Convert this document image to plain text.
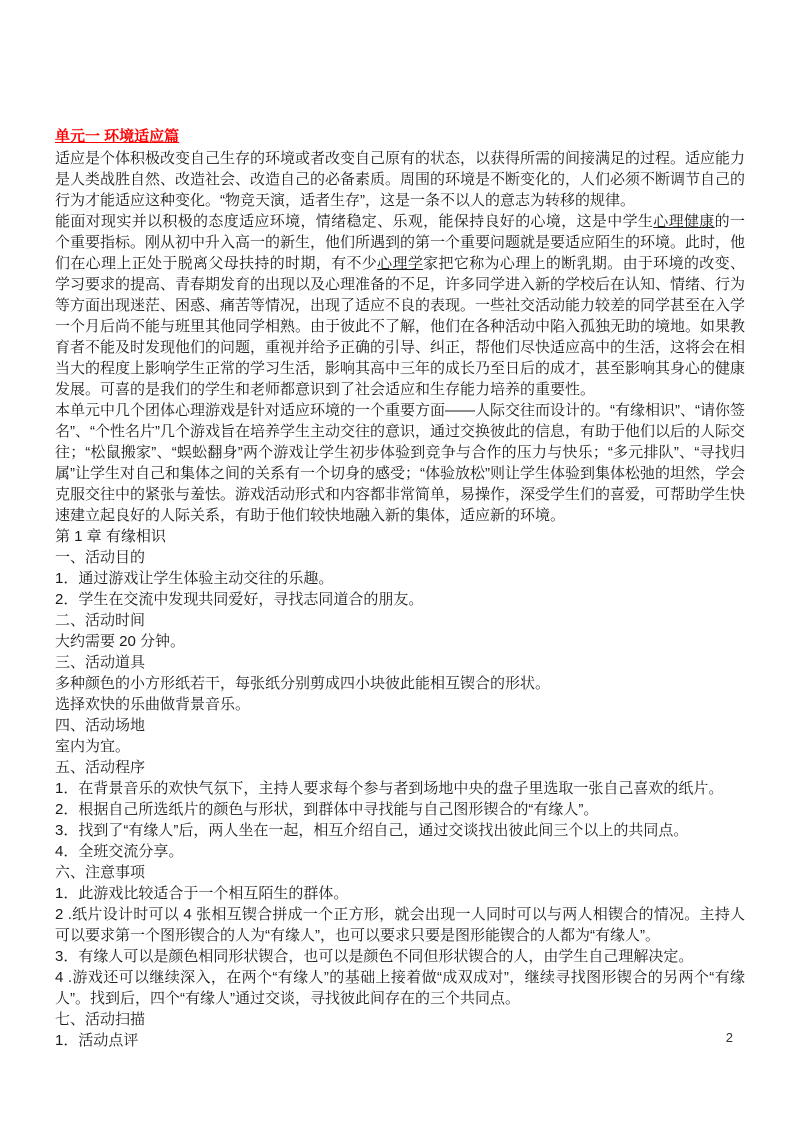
单元一 环境适应篇

适应是个体积极改变自己生存的环境或者改变自己原有的状态，以获得所需的间接满足的过程。适应能力是人类战胜自然、改造社会、改造自己的必备素质。周围的环境是不断变化的，人们必须不断调节自己的行为才能适应这种变化。“物竞天演，适者生存”，这是一条不以人的意志为转移的规律。

能面对现实并以积极的态度适应环境，情绪稳定、乐观，能保持良好的心境，这是中学生心理健康的一个重要指标。刚从初中升入高一的新生，他们所遇到的第一个重要问题就是要适应陌生的环境。此时，他们在心理上正处于脱离父母扶持的时期，有不少心理学家把它称为心理上的断乳期。由于环境的改变、学习要求的提高、青春期发育的出现以及心理准备的不足，许多同学进入新的学校后在认知、情绪、行为等方面出现迷茫、困惑、痛苦等情况，出现了适应不良的表现。一些社交活动能力较差的同学甚至在入学一个月后尚不能与班里其他同学相熟。由于彼此不了解，他们在各种活动中陷入孤独无助的境地。如果教育者不能及时发现他们的问题，重视并给予正确的引导、纠正，帮他们尽快适应高中的生活，这将会在相当大的程度上影响学生正常的学习生活，影响其高中三年的成长乃至日后的成才，甚至影响其身心的健康发展。可喜的是我们的学生和老师都意识到了社会适应和生存能力培养的重要性。

本单元中几个团体心理游戏是针对适应环境的一个重要方面——人际交往而设计的。“有缘相识”、“请你签名”、“个性名片”几个游戏旨在培养学生主动交往的意识，通过交换彼此的信息，有助于他们以后的人际交往；“松鼠搬家”、“蜈蚣翻身”两个游戏让学生初步体验到竞争与合作的压力与快乐；“多元排队”、“寻找归属”让学生对自己和集体之间的关系有一个切身的感受；“体验放松”则让学生体验到集体松弛的坦然，学会克服交往中的紧张与羞怯。游戏活动形式和内容都非常简单，易操作，深受学生们的喜爱，可帮助学生快速建立起良好的人际关系，有助于他们较快地融入新的集体，适应新的环境。

第 1 章 有缘相识

一、活动目的

1．通过游戏让学生体验主动交往的乐趣。

2．学生在交流中发现共同爱好，寻找志同道合的朋友。

二、活动时间

大约需要 20 分钟。

三、活动道具

多种颜色的小方形纸若干，每张纸分别剪成四小块彼此能相互锲合的形状。

选择欢快的乐曲做背景音乐。

四、活动场地

室内为宜。

五、活动程序

1．在背景音乐的欢快气氛下，主持人要求每个参与者到场地中央的盘子里选取一张自己喜欢的纸片。

2．根据自己所选纸片的颜色与形状，到群体中寻找能与自己图形锲合的“有缘人”。

3．找到了“有缘人”后，两人坐在一起，相互介绍自己，通过交谈找出彼此间三个以上的共同点。

4．全班交流分享。

六、注意事项

1．此游戏比较适合于一个相互陌生的群体。

2 .纸片设计时可以 4 张相互锲合拼成一个正方形，就会出现一人同时可以与两人相锲合的情况。主持人可以要求第一个图形锲合的人为“有缘人”，也可以要求只要是图形能锲合的人都为“有缘人”。

3．有缘人可以是颜色相同形状锲合，也可以是颜色不同但形状锲合的人，由学生自己理解决定。

4 .游戏还可以继续深入，在两个“有缘人”的基础上接着做“成双成对”，继续寻找图形锲合的另两个“有缘人”。找到后，四个“有缘人”通过交谈，寻找彼此间存在的三个共同点。

七、活动扫描

1．活动点评	2
